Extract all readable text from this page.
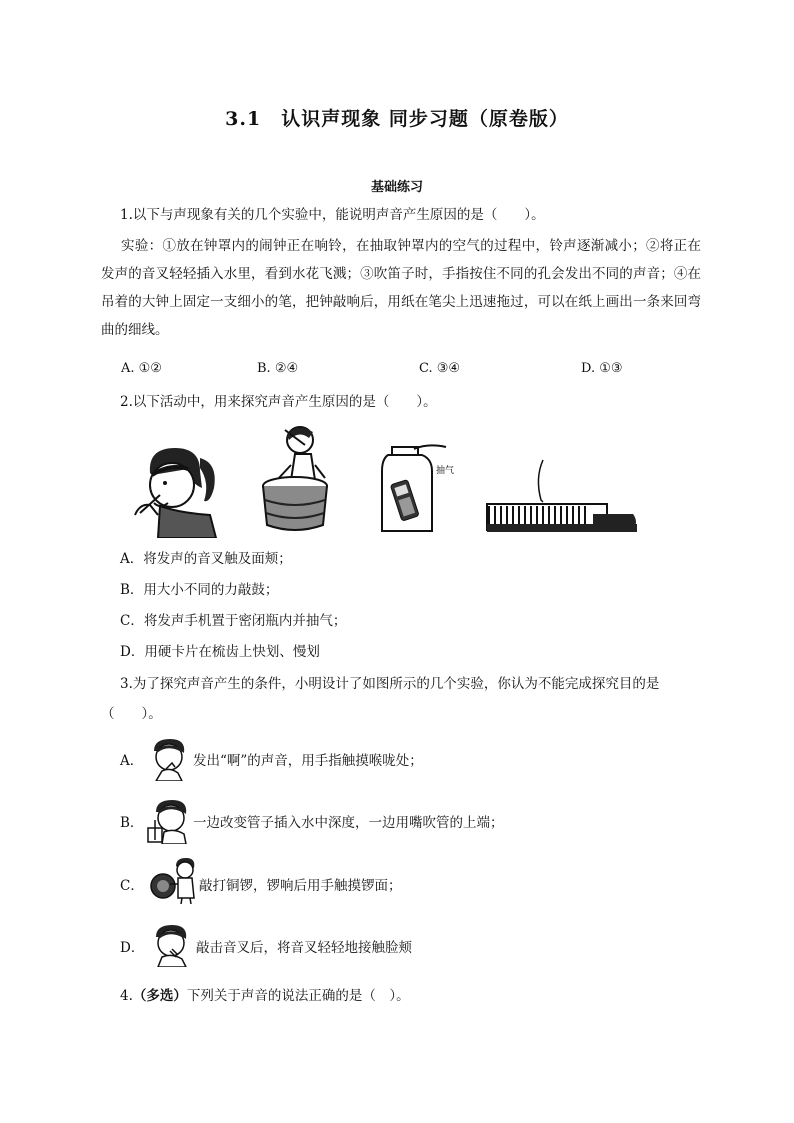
3.1　认识声现象 同步习题（原卷版）
基础练习
1.以下与声现象有关的几个实验中，能说明声音产生原因的是（　　）。
实验：①放在钟罩内的闹钟正在响铃，在抽取钟罩内的空气的过程中，铃声逐渐减小；②将正在发声的音叉轻轻插入水里，看到水花飞溅；③吹笛子时，手指按住不同的孔会发出不同的声音；④在吊着的大钟上固定一支细小的笔，把钟敲响后，用纸在笔尖上迅速拖过，可以在纸上画出一条来回弯曲的细线。
A. ①②	B. ②④	C. ③④	D. ①③
2.以下活动中，用来探究声音产生原因的是（　　）。
抽气
A．将发声的音叉触及面颊；
B．用大小不同的力敲鼓；
C．将发声手机置于密闭瓶内并抽气；
D．用硬卡片在梳齿上快划、慢划
3.为了探究声音产生的条件，小明设计了如图所示的几个实验，你认为不能完成探究目的是
（　　）。
A．	发出“啊”的声音，用手指触摸喉咙处；
B．	一边改变管子插入水中深度，一边用嘴吹管的上端；
C．	敲打铜锣，锣响后用手触摸锣面；
D．	敲击音叉后，将音叉轻轻地接触脸颊
4.（多选）下列关于声音的说法正确的是（　）。
